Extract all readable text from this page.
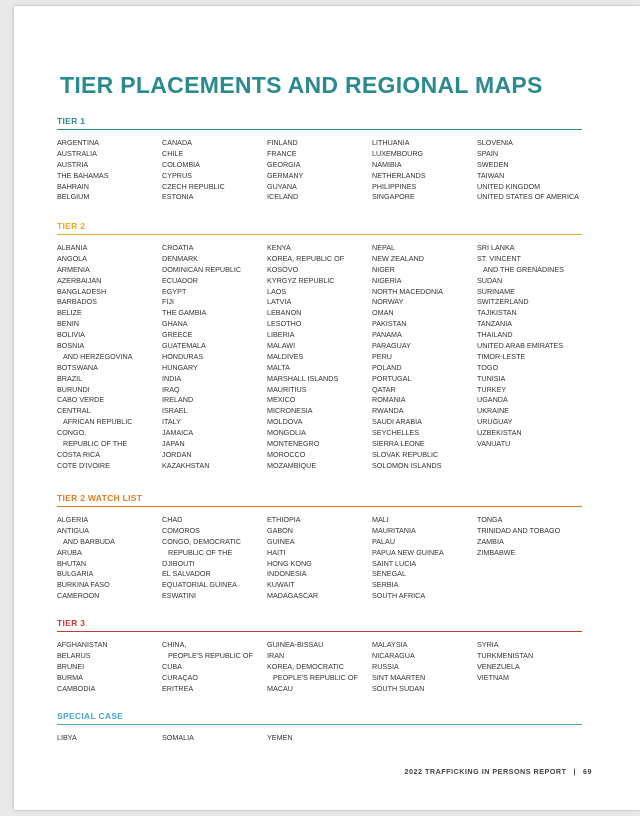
TIER PLACEMENTS AND REGIONAL MAPS
TIER 1
ARGENTINA
AUSTRALIA
AUSTRIA
THE BAHAMAS
BAHRAIN
BELGIUM
CANADA
CHILE
COLOMBIA
CYPRUS
CZECH REPUBLIC
ESTONIA
FINLAND
FRANCE
GEORGIA
GERMANY
GUYANA
ICELAND
LITHUANIA
LUXEMBOURG
NAMIBIA
NETHERLANDS
PHILIPPINES
SINGAPORE
SLOVENIA
SPAIN
SWEDEN
TAIWAN
UNITED KINGDOM
UNITED STATES OF AMERICA
TIER 2
ALBANIA
ANGOLA
ARMENIA
AZERBAIJAN
BANGLADESH
BARBADOS
BELIZE
BENIN
BOLIVIA
BOSNIA
AND HERZEGOVINA
BOTSWANA
BRAZIL
BURUNDI
CABO VERDE
CENTRAL
AFRICAN REPUBLIC
CONGO,
REPUBLIC OF THE
COSTA RICA
COTE D'IVOIRE
CROATIA
DENMARK
DOMINICAN REPUBLIC
ECUADOR
EGYPT
FIJI
THE GAMBIA
GHANA
GREECE
GUATEMALA
HONDURAS
HUNGARY
INDIA
IRAQ
IRELAND
ISRAEL
ITALY
JAMAICA
JAPAN
JORDAN
KAZAKHSTAN
KENYA
KOREA, REPUBLIC OF
KOSOVO
KYRGYZ REPUBLIC
LAOS
LATVIA
LEBANON
LESOTHO
LIBERIA
MALAWI
MALDIVES
MALTA
MARSHALL ISLANDS
MAURITIUS
MEXICO
MICRONESIA
MOLDOVA
MONGOLIA
MONTENEGRO
MOROCCO
MOZAMBIQUE
NEPAL
NEW ZEALAND
NIGER
NIGERIA
NORTH MACEDONIA
NORWAY
OMAN
PAKISTAN
PANAMA
PARAGUAY
PERU
POLAND
PORTUGAL
QATAR
ROMANIA
RWANDA
SAUDI ARABIA
SEYCHELLES
SIERRA LEONE
SLOVAK REPUBLIC
SOLOMON ISLANDS
SRI LANKA
ST. VINCENT
AND THE GRENADINES
SUDAN
SURINAME
SWITZERLAND
TAJIKISTAN
TANZANIA
THAILAND
UNITED ARAB EMIRATES
TIMOR-LESTE
TOGO
TUNISIA
TURKEY
UGANDA
UKRAINE
URUGUAY
UZBEKISTAN
VANUATU
TIER 2 WATCH LIST
ALGERIA
ANTIGUA
AND BARBUDA
ARUBA
BHUTAN
BULGARIA
BURKINA FASO
CAMEROON
CHAD
COMOROS
CONGO, DEMOCRATIC
REPUBLIC OF THE
DJIBOUTI
EL SALVADOR
EQUATORIAL GUINEA
ESWATINI
ETHIOPIA
GABON
GUINEA
HAITI
HONG KONG
INDONESIA
KUWAIT
MADAGASCAR
MALI
MAURITANIA
PALAU
PAPUA NEW GUINEA
SAINT LUCIA
SENEGAL
SERBIA
SOUTH AFRICA
TONGA
TRINIDAD AND TOBAGO
ZAMBIA
ZIMBABWE
TIER 3
AFGHANISTAN
BELARUS
BRUNEI
BURMA
CAMBODIA
CHINA,
PEOPLE'S REPUBLIC OF
CUBA
CURAÇAO
ERITREA
GUINEA-BISSAU
IRAN
KOREA, DEMOCRATIC
PEOPLE'S REPUBLIC OF
MACAU
MALAYSIA
NICARAGUA
RUSSIA
SINT MAARTEN
SOUTH SUDAN
SYRIA
TURKMENISTAN
VENEZUELA
VIETNAM
SPECIAL CASE
LIBYA	SOMALIA	YEMEN
2022 TRAFFICKING IN PERSONS REPORT | 69
